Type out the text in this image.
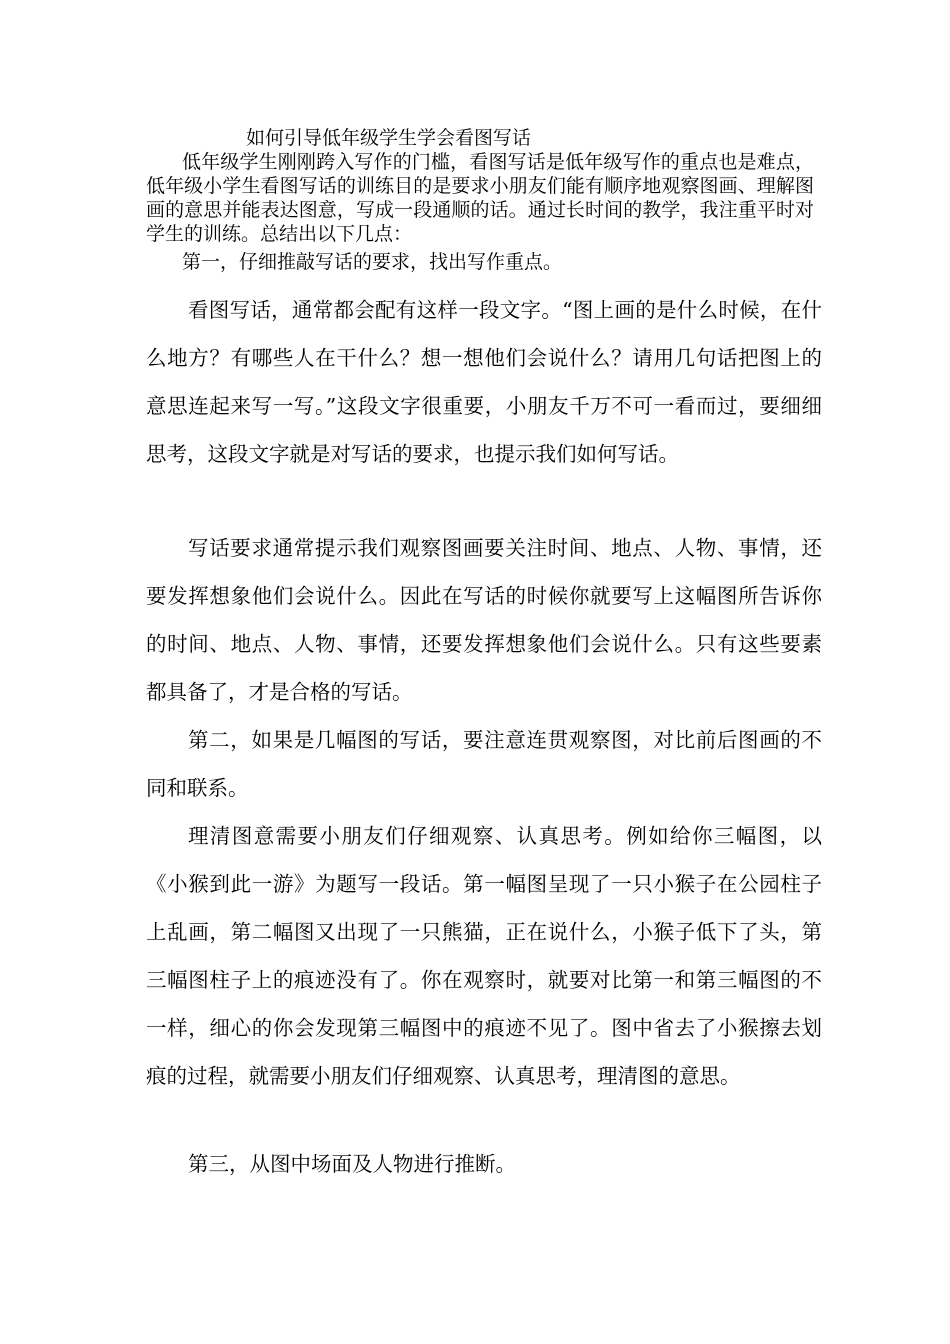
如何引导低年级学生学会看图写话
低年级学生刚刚跨入写作的门槛，看图写话是低年级写作的重点也是难点，低年级小学生看图写话的训练目的是要求小朋友们能有顺序地观察图画、理解图画的意思并能表达图意，写成一段通顺的话。通过长时间的教学，我注重平时对学生的训练。总结出以下几点：
第一，仔细推敲写话的要求，找出写作重点。
看图写话，通常都会配有这样一段文字。“图上画的是什么时候，在什么地方？有哪些人在干什么？想一想他们会说什么？请用几句话把图上的意思连起来写一写。”这段文字很重要，小朋友千万不可一看而过，要细细思考，这段文字就是对写话的要求，也提示我们如何写话。
写话要求通常提示我们观察图画要关注时间、地点、人物、事情，还要发挥想象他们会说什么。因此在写话的时候你就要写上这幅图所告诉你的时间、地点、人物、事情，还要发挥想象他们会说什么。只有这些要素都具备了，才是合格的写话。
第二，如果是几幅图的写话，要注意连贯观察图，对比前后图画的不同和联系。
理清图意需要小朋友们仔细观察、认真思考。例如给你三幅图，以《小猴到此一游》为题写一段话。第一幅图呈现了一只小猴子在公园柱子上乱画，第二幅图又出现了一只熊猫，正在说什么，小猴子低下了头，第三幅图柱子上的痕迹没有了。你在观察时，就要对比第一和第三幅图的不一样，细心的你会发现第三幅图中的痕迹不见了。图中省去了小猴擦去划痕的过程，就需要小朋友们仔细观察、认真思考，理清图的意思。
第三，从图中场面及人物进行推断。
